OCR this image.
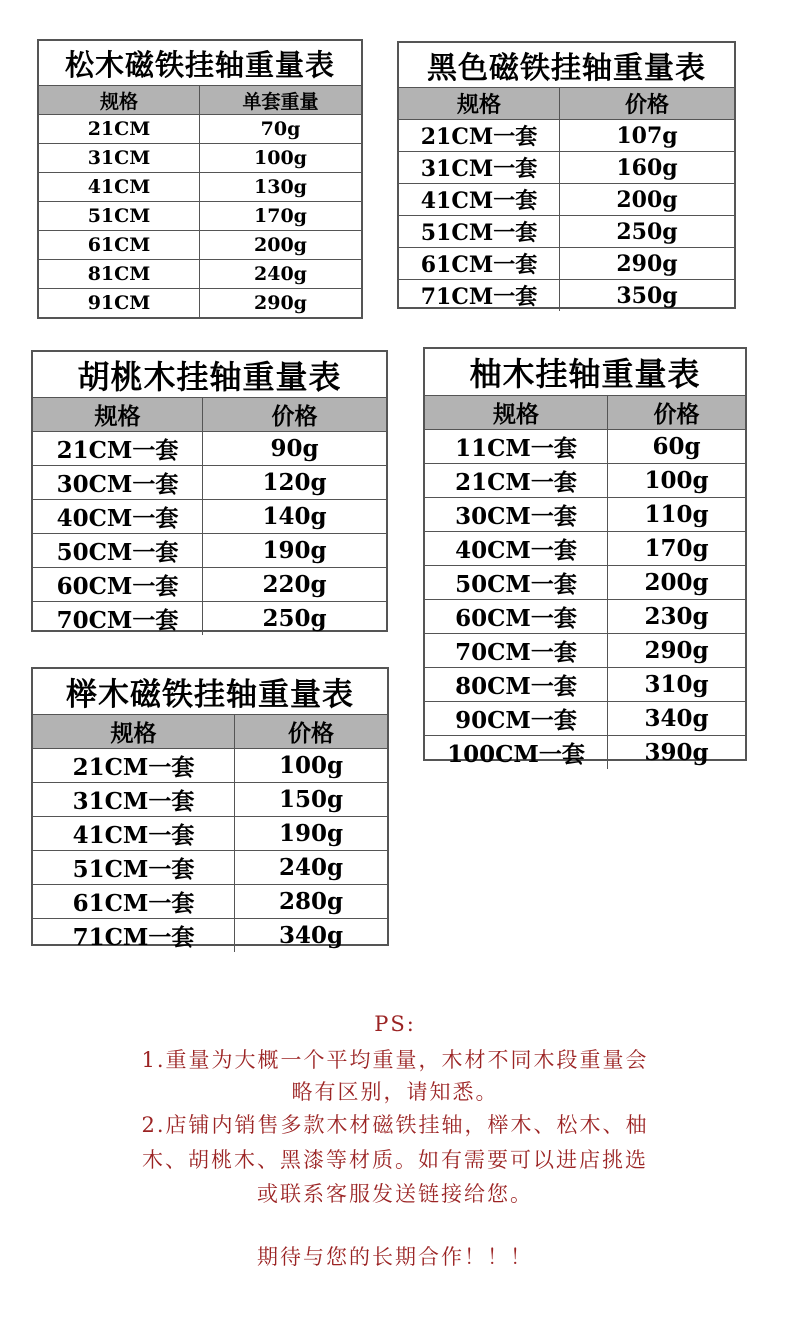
松木磁铁挂轴重量表
规格	单套重量
21CM	70g
31CM	100g
41CM	130g
51CM	170g
61CM	200g
81CM	240g
91CM	290g
黑色磁铁挂轴重量表
规格	价格
21CM一套	107g
31CM一套	160g
41CM一套	200g
51CM一套	250g
61CM一套	290g
71CM一套	350g
胡桃木挂轴重量表
规格	价格
21CM一套	90g
30CM一套	120g
40CM一套	140g
50CM一套	190g
60CM一套	220g
70CM一套	250g
柚木挂轴重量表
规格	价格
11CM一套	60g
21CM一套	100g
30CM一套	110g
40CM一套	170g
50CM一套	200g
60CM一套	230g
70CM一套	290g
80CM一套	310g
90CM一套	340g
100CM一套	390g
榉木磁铁挂轴重量表
规格	价格
21CM一套	100g
31CM一套	150g
41CM一套	190g
51CM一套	240g
61CM一套	280g
71CM一套	340g
PS:
1.重量为大概一个平均重量，木材不同木段重量会
略有区别，请知悉。
2.店铺内销售多款木材磁铁挂轴，榉木、松木、柚
木、胡桃木、黑漆等材质。如有需要可以进店挑选
或联系客服发送链接给您。
期待与您的长期合作！！！
